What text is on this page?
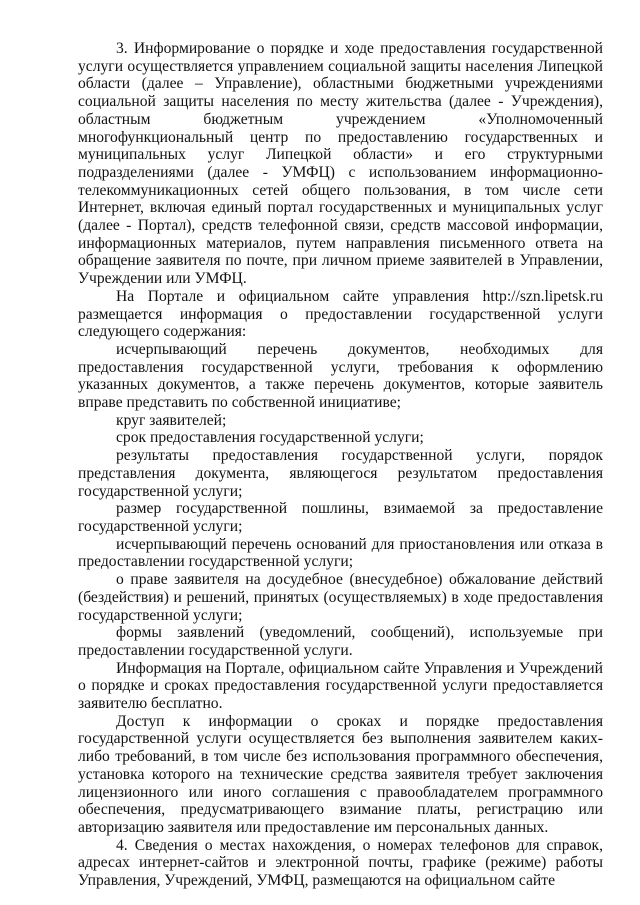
3. Информирование о порядке и ходе предоставления государственной услуги осуществляется управлением социальной защиты населения Липецкой области (далее – Управление), областными бюджетными учреждениями социальной защиты населения по месту жительства (далее - Учреждения), областным бюджетным учреждением «Уполномоченный многофункциональный центр по предоставлению государственных и муниципальных услуг Липецкой области» и его структурными подразделениями (далее - УМФЦ) с использованием информационно-телекоммуникационных сетей общего пользования, в том числе сети Интернет, включая единый портал государственных и муниципальных услуг (далее - Портал), средств телефонной связи, средств массовой информации, информационных материалов, путем направления письменного ответа на обращение заявителя по почте, при личном приеме заявителей в Управлении, Учреждении или УМФЦ.

На Портале и официальном сайте управления http://szn.lipetsk.ru размещается информация о предоставлении государственной услуги следующего содержания:

исчерпывающий перечень документов, необходимых для предоставления государственной услуги, требования к оформлению указанных документов, а также перечень документов, которые заявитель вправе представить по собственной инициативе;

круг заявителей;

срок предоставления государственной услуги;

результаты предоставления государственной услуги, порядок представления документа, являющегося результатом предоставления государственной услуги;

размер государственной пошлины, взимаемой за предоставление государственной услуги;

исчерпывающий перечень оснований для приостановления или отказа в предоставлении государственной услуги;

о праве заявителя на досудебное (внесудебное) обжалование действий (бездействия) и решений, принятых (осуществляемых) в ходе предоставления государственной услуги;

формы заявлений (уведомлений, сообщений), используемые при предоставлении государственной услуги.

Информация на Портале, официальном сайте Управления и Учреждений о порядке и сроках предоставления государственной услуги предоставляется заявителю бесплатно.

Доступ к информации о сроках и порядке предоставления государственной услуги осуществляется без выполнения заявителем каких-либо требований, в том числе без использования программного обеспечения, установка которого на технические средства заявителя требует заключения лицензионного или иного соглашения с правообладателем программного обеспечения, предусматривающего взимание платы, регистрацию или авторизацию заявителя или предоставление им персональных данных.

4. Сведения о местах нахождения, о номерах телефонов для справок, адресах интернет-сайтов и электронной почты, графике (режиме) работы Управления, Учреждений, УМФЦ, размещаются на официальном сайте
